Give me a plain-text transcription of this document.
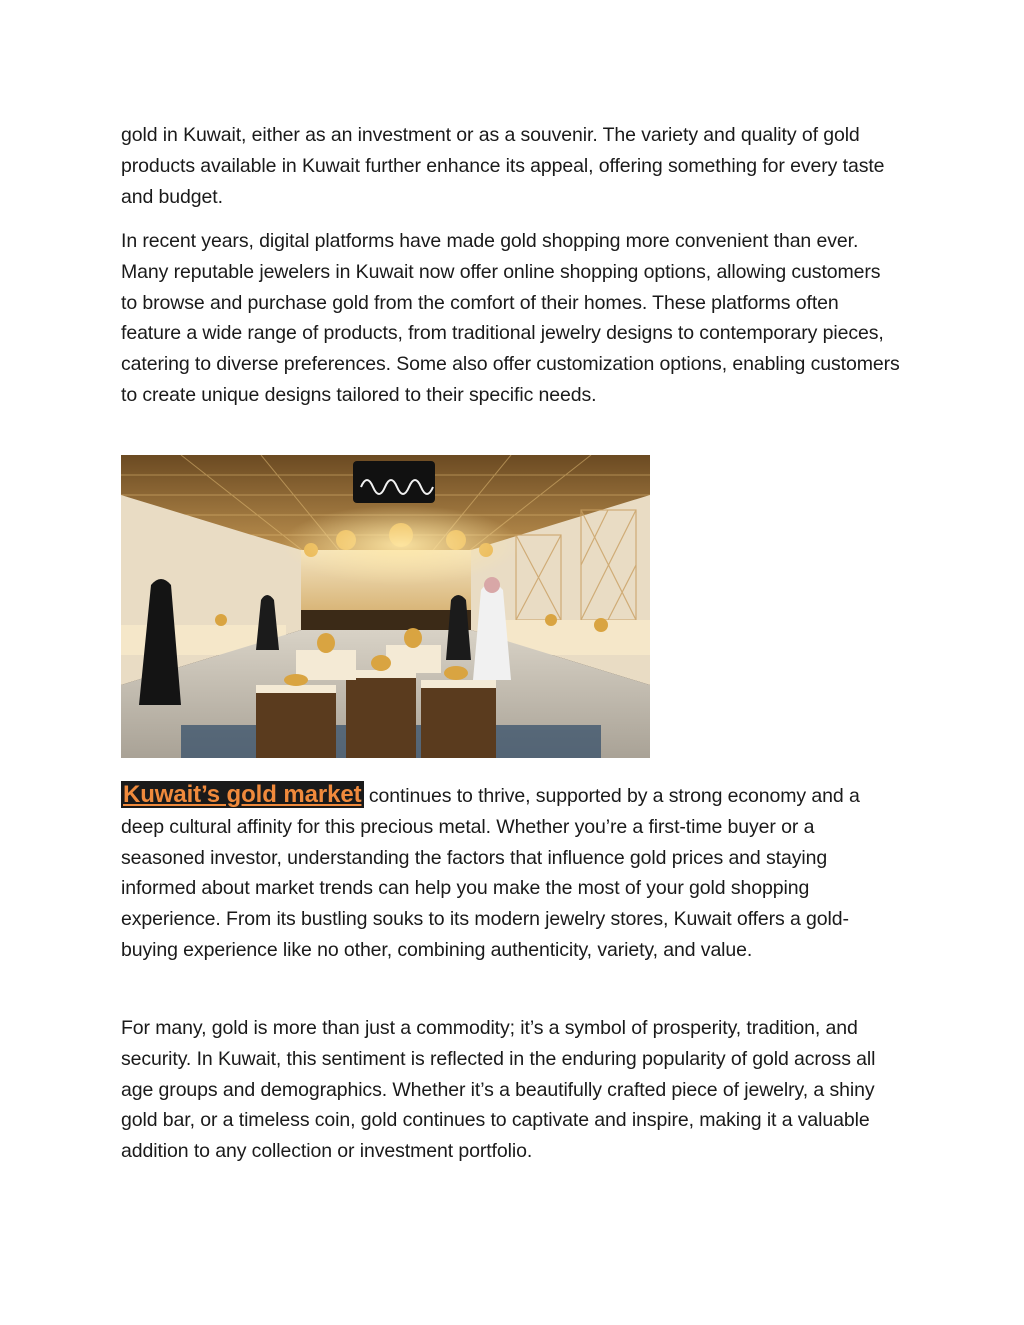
gold in Kuwait, either as an investment or as a souvenir. The variety and quality of gold products available in Kuwait further enhance its appeal, offering something for every taste and budget.

In recent years, digital platforms have made gold shopping more convenient than ever. Many reputable jewelers in Kuwait now offer online shopping options, allowing customers to browse and purchase gold from the comfort of their homes. These platforms often feature a wide range of products, from traditional jewelry designs to contemporary pieces, catering to diverse preferences. Some also offer customization options, enabling customers to create unique designs tailored to their specific needs.

Kuwait’s gold market continues to thrive, supported by a strong economy and a deep cultural affinity for this precious metal. Whether you’re a first-time buyer or a seasoned investor, understanding the factors that influence gold prices and staying informed about market trends can help you make the most of your gold shopping experience. From its bustling souks to its modern jewelry stores, Kuwait offers a gold-buying experience like no other, combining authenticity, variety, and value.

For many, gold is more than just a commodity; it’s a symbol of prosperity, tradition, and security. In Kuwait, this sentiment is reflected in the enduring popularity of gold across all age groups and demographics. Whether it’s a beautifully crafted piece of jewelry, a shiny gold bar, or a timeless coin, gold continues to captivate and inspire, making it a valuable addition to any collection or investment portfolio.
